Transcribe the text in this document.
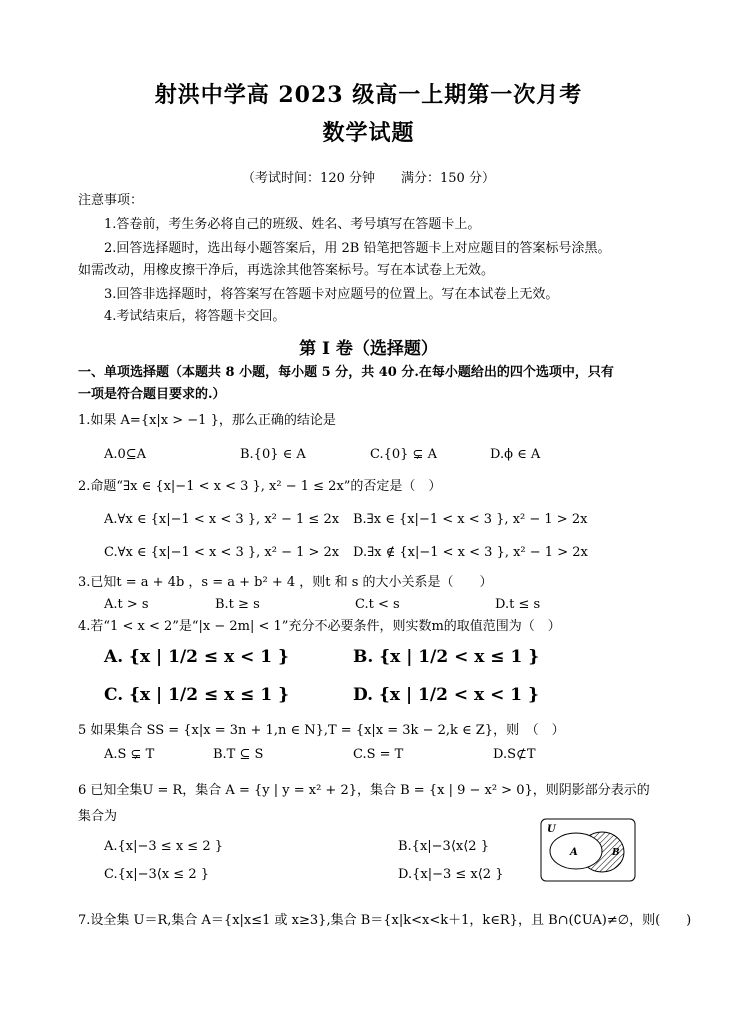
射洪中学高 2023 级高一上期第一次月考
数学试题
（考试时间：120 分钟　　满分：150 分）
注意事项：
1.答卷前，考生务必将自己的班级、姓名、考号填写在答题卡上。
2.回答选择题时，选出每小题答案后，用 2B 铅笔把答题卡上对应题目的答案标号涂黑。
如需改动，用橡皮擦干净后，再选涂其他答案标号。写在本试卷上无效。
3.回答非选择题时，将答案写在答题卡对应题号的位置上。写在本试卷上无效。
4.考试结束后，将答题卡交回。
第 I 卷（选择题）
一、单项选择题（本题共 8 小题，每小题 5 分，共 40 分.在每小题给出的四个选项中，只有
一项是符合题目要求的.）
1.如果 A={x|x > −1 }，那么正确的结论是
A.0⊆A	B.{0} ∈ A	C.{0} ⊊ A	D.ϕ ∈ A
2.命题“∃x ∈ {x|−1 < x < 3 }, x² − 1 ≤ 2x”的否定是（　）
A.∀x ∈ {x|−1 < x < 3 }, x² − 1 ≤ 2x B.∃x ∈ {x|−1 < x < 3 }, x² − 1 > 2x
C.∀x ∈ {x|−1 < x < 3 }, x² − 1 > 2x D.∃x ∉ {x|−1 < x < 3 }, x² − 1 > 2x
3.已知t = a + 4b ，s = a + b² + 4 ，则t 和 s 的大小关系是（　　）
A.t > s	B.t ≥ s	C.t < s	D.t ≤ s
4.若“1 < x < 2”是“|x − 2m| < 1”充分不必要条件，则实数m的取值范围为（　）
A. {x | 1/2 ≤ x < 1 }	B. {x | 1/2 < x ≤ 1 }
C. {x | 1/2 ≤ x ≤ 1 }	D. {x | 1/2 < x < 1 }
5 如果集合 SS = {x|x = 3n + 1,n ∈ N},T = {x|x = 3k − 2,k ∈ Z}，则　（　）
A.S ⊊ T	B.T ⊆ S	C.S = T	D.S⊄T
6 已知全集U = R，集合 A = {y | y = x² + 2}，集合 B = {x | 9 − x² > 0}，则阴影部分表示的
集合为
A.{x|−3 ≤ x ≤ 2 }	B.{x|−3⟨x⟨2 }
C.{x|−3⟨x ≤ 2 }	D.{x|−3 ≤ x⟨2 }
U
A	B
7.设全集 U＝R,集合 A＝{x|x≤1 或 x≥3},集合 B＝{x|k<x<k＋1，k∈R}，且 B∩(∁UA)≠∅，则(　　)
